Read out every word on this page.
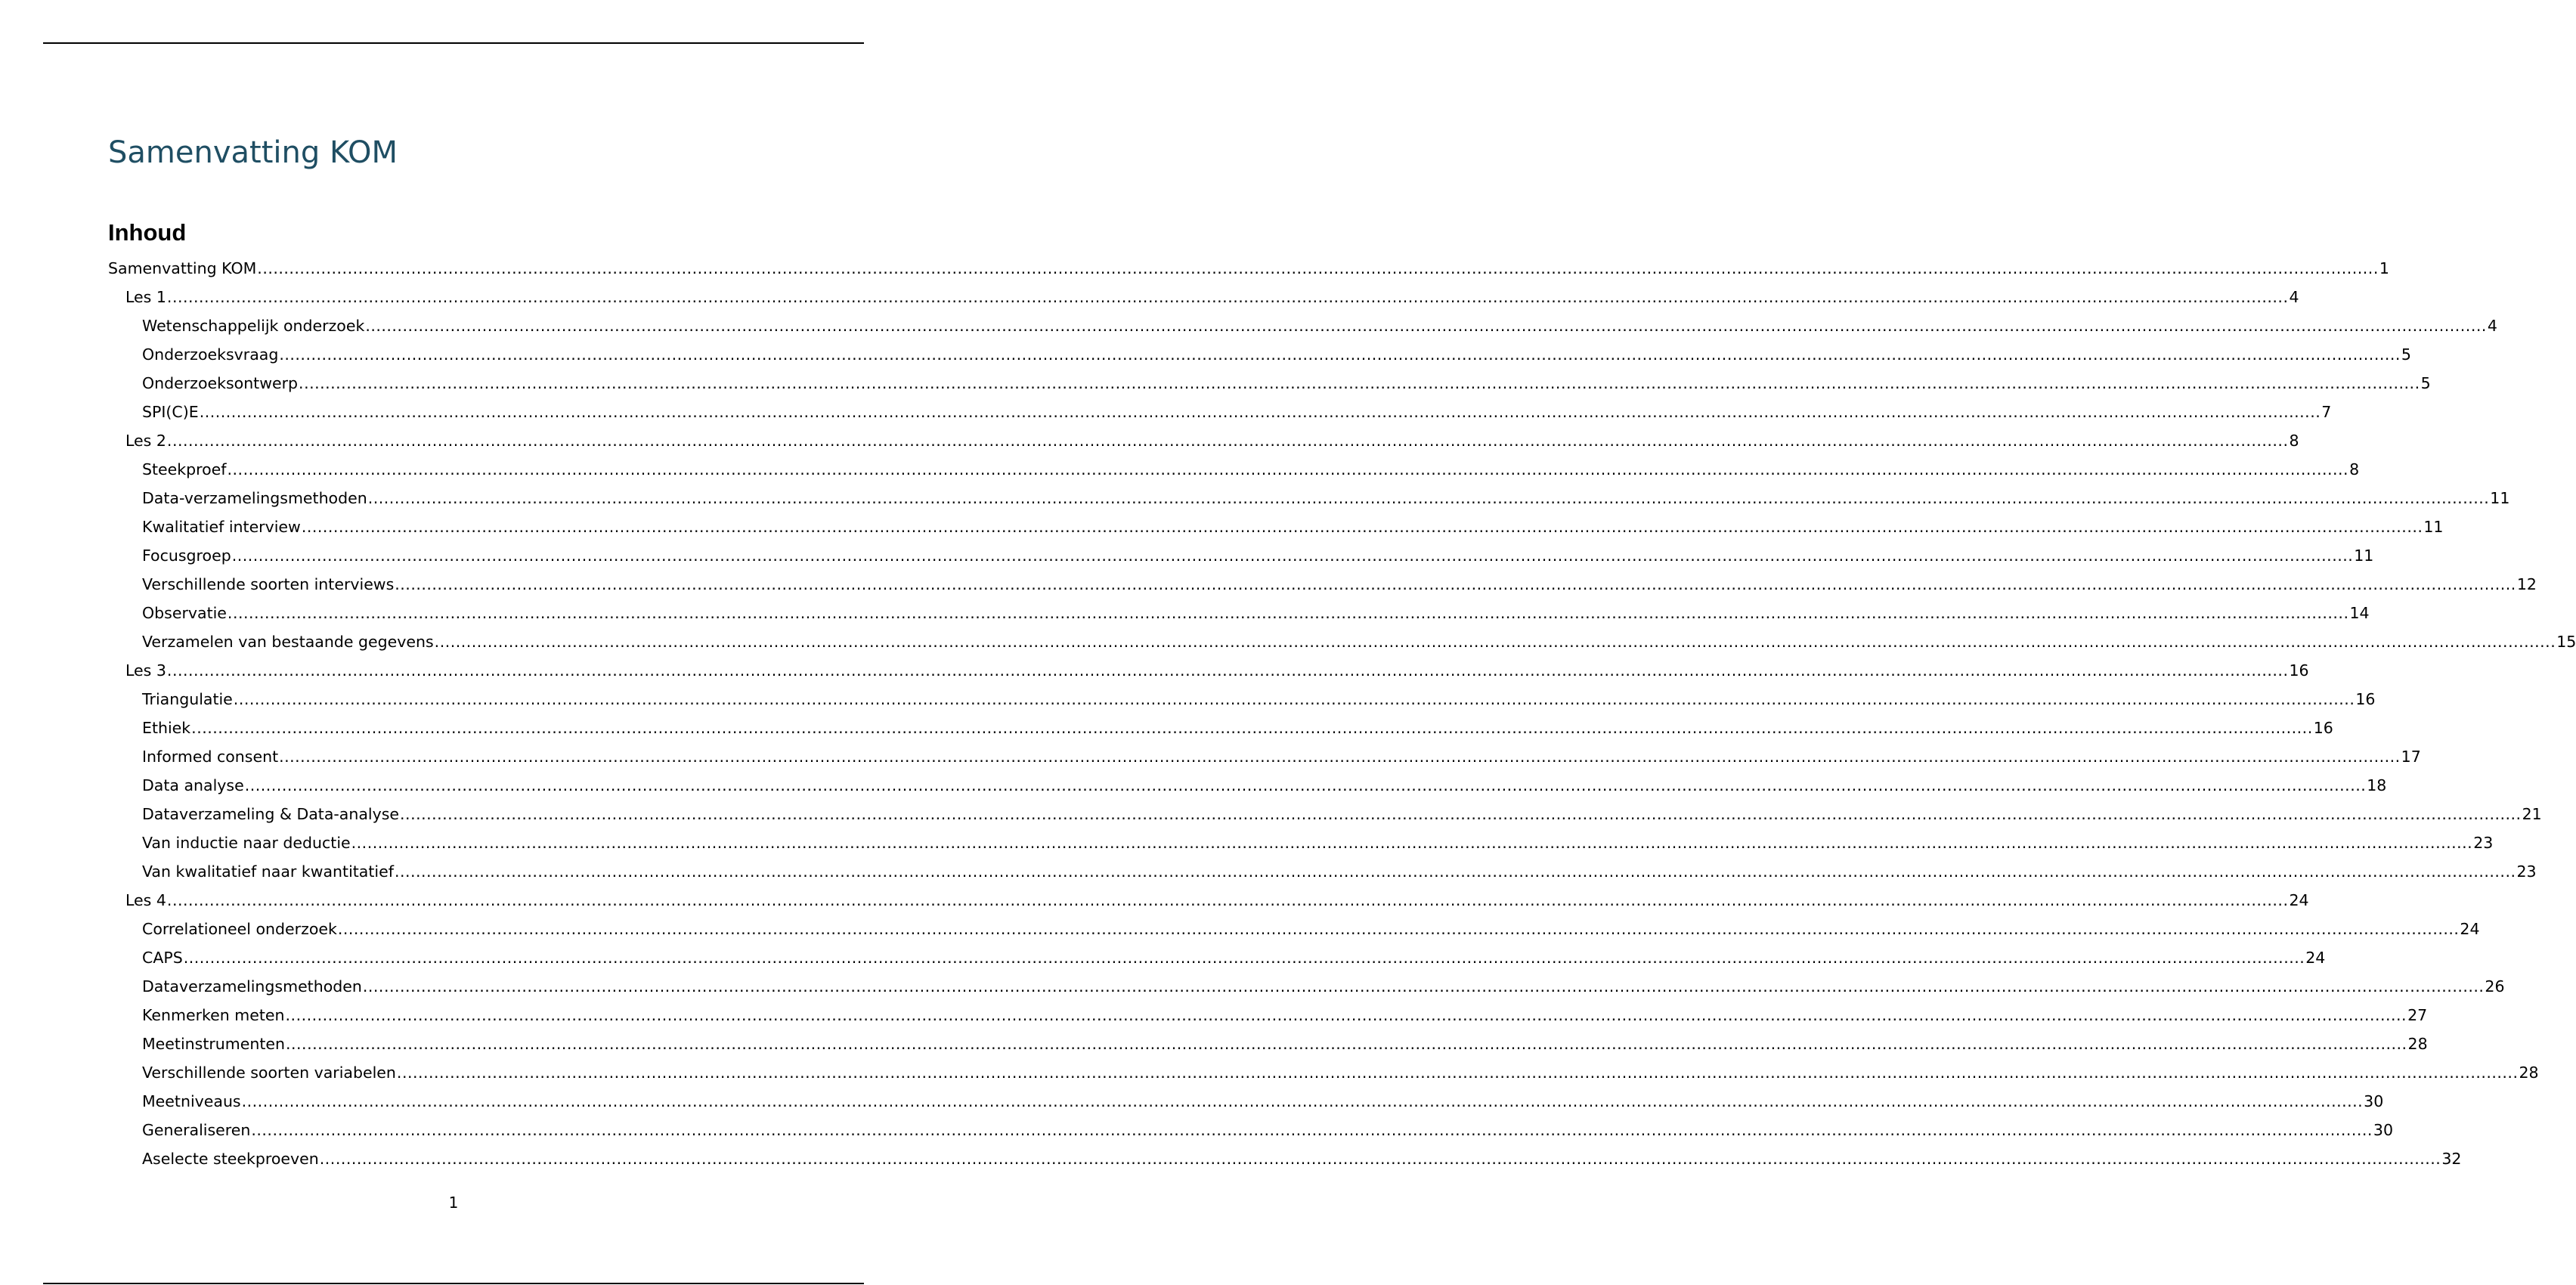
Samenvatting KOM
Inhoud
Samenvatting KOM ................................................................................................................................................................................................................................................................................................................................................................................................................ 1
Les 1 ................................................................................................................................................................................................................................................................................................................................................................................................................ 4
Wetenschappelijk onderzoek ................................................................................................................................................................................................................................................................................................................................................................................................................ 4
Onderzoeksvraag ................................................................................................................................................................................................................................................................................................................................................................................................................ 5
Onderzoeksontwerp ................................................................................................................................................................................................................................................................................................................................................................................................................ 5
SPI(C)E ................................................................................................................................................................................................................................................................................................................................................................................................................ 7
Les 2 ................................................................................................................................................................................................................................................................................................................................................................................................................ 8
Steekproef ................................................................................................................................................................................................................................................................................................................................................................................................................ 8
Data-verzamelingsmethoden ................................................................................................................................................................................................................................................................................................................................................................................................................ 11
Kwalitatief interview ................................................................................................................................................................................................................................................................................................................................................................................................................ 11
Focusgroep ................................................................................................................................................................................................................................................................................................................................................................................................................ 11
Verschillende soorten interviews ................................................................................................................................................................................................................................................................................................................................................................................................................ 12
Observatie ................................................................................................................................................................................................................................................................................................................................................................................................................ 14
Verzamelen van bestaande gegevens ................................................................................................................................................................................................................................................................................................................................................................................................................ 15
Les 3 ................................................................................................................................................................................................................................................................................................................................................................................................................ 16
Triangulatie ................................................................................................................................................................................................................................................................................................................................................................................................................ 16
Ethiek ................................................................................................................................................................................................................................................................................................................................................................................................................ 16
Informed consent ................................................................................................................................................................................................................................................................................................................................................................................................................ 17
Data analyse ................................................................................................................................................................................................................................................................................................................................................................................................................ 18
Dataverzameling & Data-analyse ................................................................................................................................................................................................................................................................................................................................................................................................................ 21
Van inductie naar deductie ................................................................................................................................................................................................................................................................................................................................................................................................................ 23
Van kwalitatief naar kwantitatief ................................................................................................................................................................................................................................................................................................................................................................................................................ 23
Les 4 ................................................................................................................................................................................................................................................................................................................................................................................................................ 24
Correlationeel onderzoek ................................................................................................................................................................................................................................................................................................................................................................................................................ 24
CAPS ................................................................................................................................................................................................................................................................................................................................................................................................................ 24
Dataverzamelingsmethoden ................................................................................................................................................................................................................................................................................................................................................................................................................ 26
Kenmerken meten ................................................................................................................................................................................................................................................................................................................................................................................................................ 27
Meetinstrumenten ................................................................................................................................................................................................................................................................................................................................................................................................................ 28
Verschillende soorten variabelen ................................................................................................................................................................................................................................................................................................................................................................................................................ 28
Meetniveaus ................................................................................................................................................................................................................................................................................................................................................................................................................ 30
Generaliseren ................................................................................................................................................................................................................................................................................................................................................................................................................ 30
Aselecte steekproeven ................................................................................................................................................................................................................................................................................................................................................................................................................ 32
1
